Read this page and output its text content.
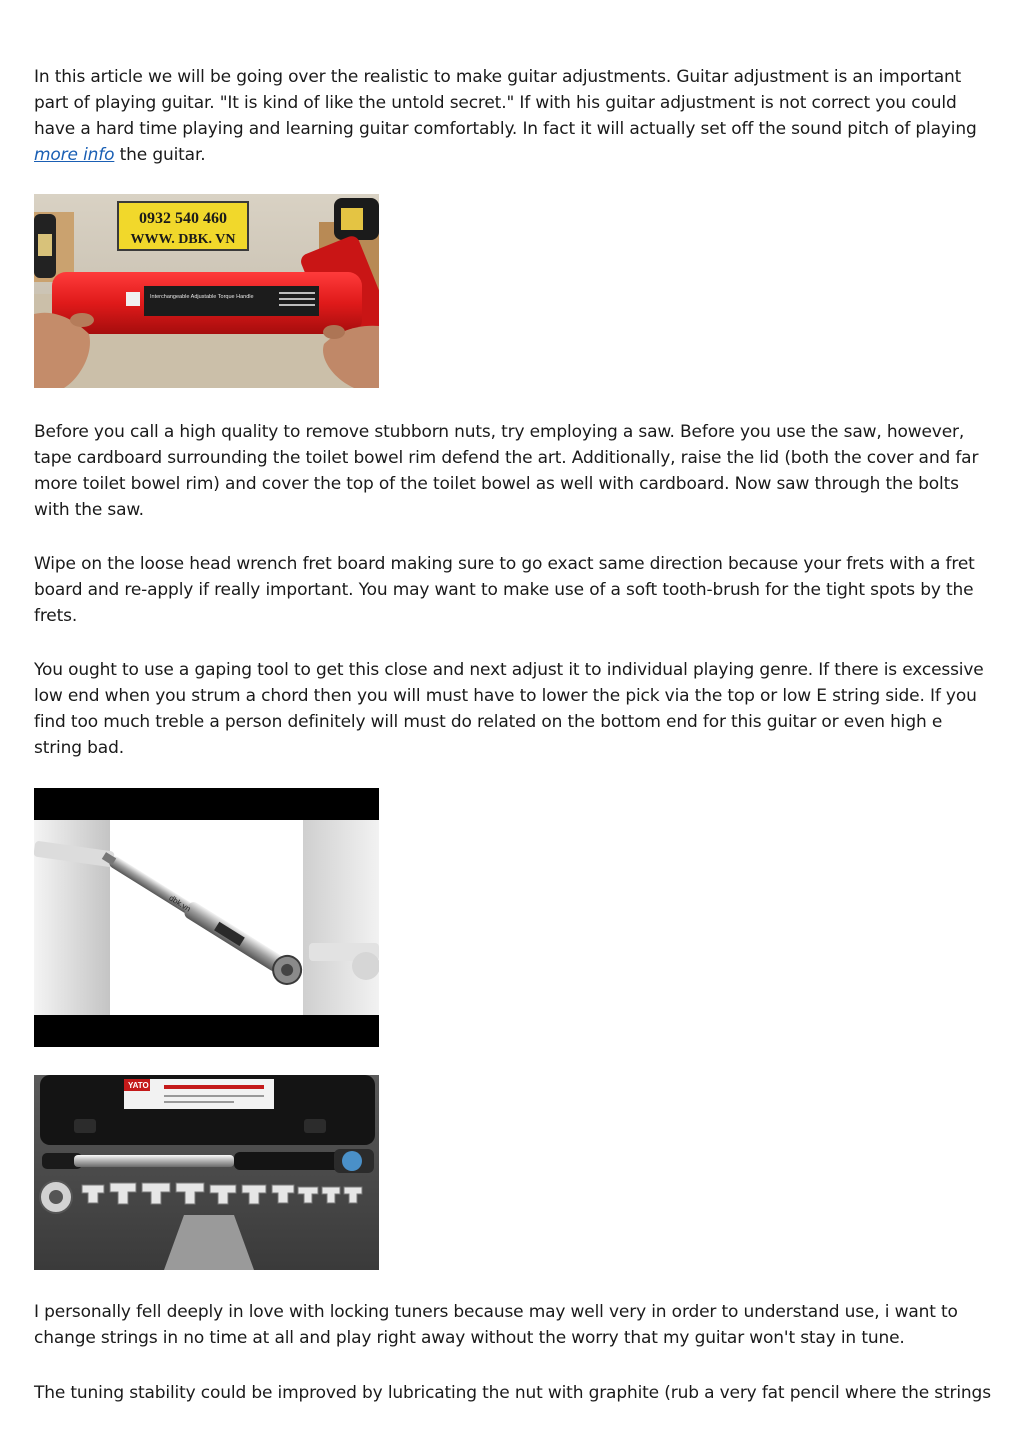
In this article we will be going over the realistic to make guitar adjustments. Guitar adjustment is an important part of playing guitar. "It is kind of like the untold secret." If with his guitar adjustment is not correct you could have a hard time playing and learning guitar comfortably. In fact it will actually set off the sound pitch of playing more info the guitar.

0932 540 460
WWW. DBK. VN
Interchangeable Adjustable Torque Handle

Before you call a high quality to remove stubborn nuts, try employing a saw. Before you use the saw, however, tape cardboard surrounding the toilet bowel rim defend the art. Additionally, raise the lid (both the cover and far more toilet bowel rim) and cover the top of the toilet bowel as well with cardboard. Now saw through the bolts with the saw.

Wipe on the loose head wrench fret board making sure to go exact same direction because your frets with a fret board and re-apply if really important. You may want to make use of a soft tooth-brush for the tight spots by the frets.

You ought to use a gaping tool to get this close and next adjust it to individual playing genre. If there is excessive low end when you strum a chord then you will must have to lower the pick via the top or low E string side. If you find too much treble a person definitely will must do related on the bottom end for this guitar or even high e string bad.

dbk.vn
YATO

I personally fell deeply in love with locking tuners because may well very in order to understand use, i want to change strings in no time at all and play right away without the worry that my guitar won't stay in tune.

The tuning stability could be improved by lubricating the nut with graphite (rub a very fat pencil where the strings
